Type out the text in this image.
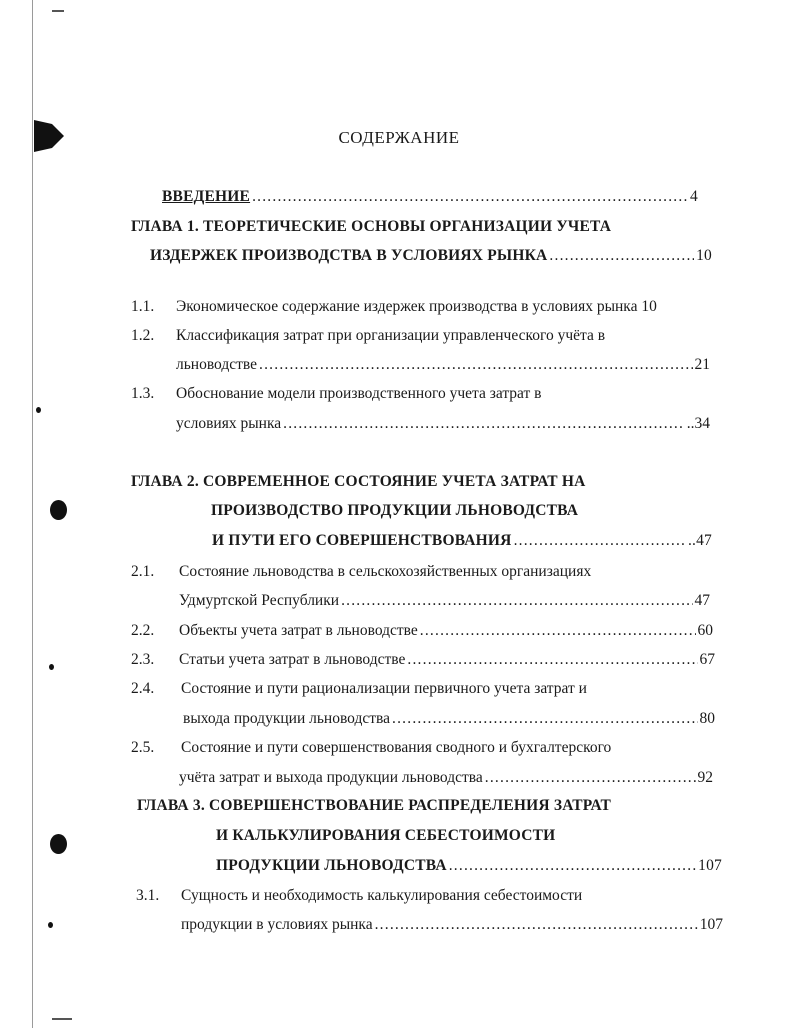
СОДЕРЖАНИЕ
ВВЕДЕНИЕ .....	4
ГЛАВА 1. ТЕОРЕТИЧЕСКИЕ ОСНОВЫ ОРГАНИЗАЦИИ УЧЕТА
ИЗДЕРЖЕК ПРОИЗВОДСТВА В УСЛОВИЯХ РЫНКА .....	10
1.1. Экономическое содержание издержек производства в условиях рынка 10
1.2. Классификация затрат при организации управленческого учёта в
льноводстве .....	21
1.3. Обоснование модели производственного учета затрат в
условиях рынка .....	..34
ГЛАВА 2. СОВРЕМЕННОЕ СОСТОЯНИЕ УЧЕТА ЗАТРАТ НА
ПРОИЗВОДСТВО ПРОДУКЦИИ ЛЬНОВОДСТВА
И ПУТИ ЕГО СОВЕРШЕНСТВОВАНИЯ .....	..47
2.1. Состояние льноводства в сельскохозяйственных организациях
Удмуртской Республики .....	47
2.2. Объекты учета затрат в льноводстве .....	60
2.3. Статьи учета затрат в льноводстве .....	67
2.4. Состояние и пути рационализации первичного учета затрат и
выхода продукции льноводства .....	80
2.5. Состояние и пути совершенствования сводного и бухгалтерского
учёта затрат и выхода продукции льноводства .....	92
ГЛАВА 3. СОВЕРШЕНСТВОВАНИЕ РАСПРЕДЕЛЕНИЯ ЗАТРАТ
И КАЛЬКУЛИРОВАНИЯ СЕБЕСТОИМОСТИ
ПРОДУКЦИИ ЛЬНОВОДСТВА .....	107
3.1. Сущность и необходимость калькулирования себестоимости
продукции в условиях рынка .....	107
